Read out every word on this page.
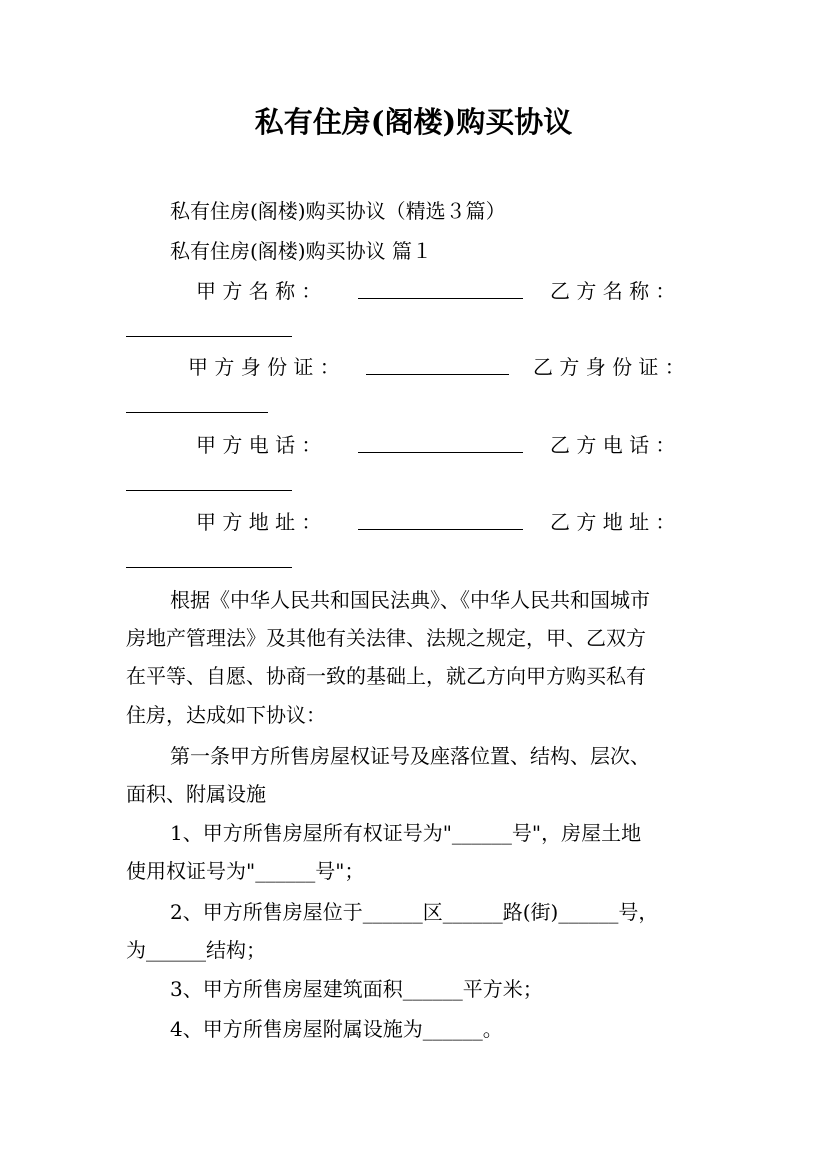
私有住房(阁楼)购买协议
私有住房(阁楼)购买协议（精选３篇）
私有住房(阁楼)购买协议 篇１
甲 方 名 称 ：	乙 方 名 称 ：
甲 方 身 份 证 ：	乙 方 身 份 证 ：
甲 方 电 话 ：	乙 方 电 话 ：
甲 方 地 址 ：	乙 方 地 址 ：
根据《中华人民共和国民法典》、《中华人民共和国城市
房地产管理法》及其他有关法律、法规之规定，甲、乙双方
在平等、自愿、协商一致的基础上，就乙方向甲方购买私有
住房，达成如下协议：
第一条甲方所售房屋权证号及座落位置、结构、层次、
面积、附属设施
1、甲方所售房屋所有权证号为"______号"，房屋土地
使用权证号为"______号"；
2、甲方所售房屋位于______区______路(街)______号，
为______结构；
3、甲方所售房屋建筑面积______平方米；
4、甲方所售房屋附属设施为______。
